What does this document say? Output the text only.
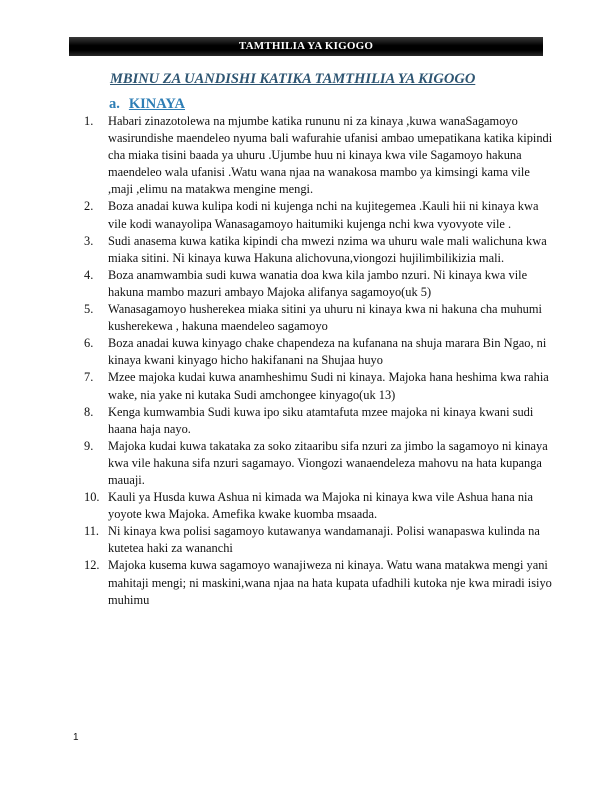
TAMTHILIA YA KIGOGO
MBINU ZA UANDISHI KATIKA TAMTHILIA YA KIGOGO
a. KINAYA
1. Habari zinazotolewa na mjumbe katika rununu ni za kinaya ,kuwa wanaSagamoyo wasirundishe maendeleo nyuma bali wafurahie ufanisi ambao umepatikana katika kipindi cha miaka tisini baada ya uhuru .Ujumbe huu ni kinaya kwa vile Sagamoyo hakuna maendeleo wala ufanisi .Watu wana njaa na wanakosa mambo ya kimsingi kama vile ,maji ,elimu na matakwa mengine mengi.
2. Boza anadai kuwa kulipa kodi ni kujenga nchi na kujitegemea .Kauli hii ni kinaya kwa vile kodi wanayolipa Wanasagamoyo haitumiki kujenga nchi kwa vyovyote vile .
3. Sudi anasema kuwa katika kipindi cha mwezi nzima wa uhuru wale mali walichuna kwa miaka sitini. Ni kinaya kuwa Hakuna alichovuna,viongozi hujilimbilikizia mali.
4. Boza anamwambia sudi kuwa wanatia doa kwa kila jambo nzuri. Ni kinaya kwa vile hakuna mambo mazuri ambayo Majoka alifanya sagamoyo(uk 5)
5. Wanasagamoyo husherekea miaka sitini ya uhuru ni kinaya kwa ni hakuna cha muhumi kusherekewa , hakuna maendeleo sagamoyo
6. Boza anadai kuwa kinyago chake chapendeza na kufanana na shuja marara Bin Ngao, ni kinaya kwani kinyago hicho hakifanani na Shujaa huyo
7. Mzee majoka kudai kuwa anamheshimu Sudi ni kinaya. Majoka hana heshima kwa rahia wake, nia yake ni kutaka Sudi amchongee kinyago(uk 13)
8. Kenga kumwambia Sudi kuwa ipo siku atamtafuta mzee majoka ni kinaya kwani sudi haana haja nayo.
9. Majoka kudai kuwa takataka za soko zitaaribu sifa nzuri za jimbo la sagamoyo ni kinaya kwa vile hakuna sifa nzuri sagamayo. Viongozi wanaendeleza mahovu na hata kupanga mauaji.
10. Kauli ya Husda kuwa Ashua ni kimada wa Majoka ni kinaya kwa vile Ashua hana nia yoyote kwa Majoka. Amefika kwake kuomba msaada.
11. Ni kinaya kwa polisi sagamoyo kutawanya wandamanaji. Polisi wanapaswa kulinda na kutetea haki za wananchi
12. Majoka kusema kuwa sagamoyo wanajiweza ni kinaya. Watu wana matakwa mengi yani mahitaji mengi; ni maskini,wana njaa na hata kupata ufadhili kutoka nje kwa miradi isiyo muhimu
1
